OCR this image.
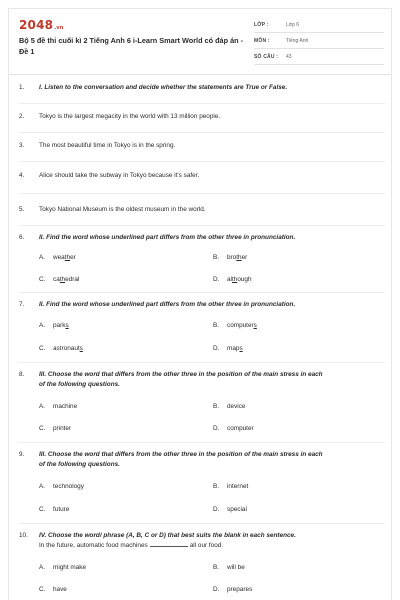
2048.vn
Bộ 5 đề thi cuối kì 2 Tiếng Anh 6 i-Learn Smart World có đáp án - Đề 1
LỚP :	Lớp 6
MÔN :	Tiếng Anh
SỐ CÂU : 43
1.	I. Listen to the conversation and decide whether the statements are True or False.
2.	Tokyo is the largest megacity in the world with 13 million people.
3.	The most beautiful time in Tokyo is in the spring.
4.	Alice should take the subway in Tokyo because it's safer.
5.	Tokyo National Museum is the oldest museum in the world.
6.	II. Find the word whose underlined part differs from the other three in pronunciation.
A. weather	B. brother
C. cathedral	D. although
7.	II. Find the word whose underlined part differs from the other three in pronunciation.
A. parks	B. computers
C. astronauts	D. maps
8.	III. Choose the word that differs from the other three in the position of the main stress in each
of the following questions.
A. machine	B. device
C. printer	D. computer
9.	III. Choose the word that differs from the other three in the position of the main stress in each
of the following questions.
A. technology	B. internet
C. future	D. special
10.	IV. Choose the word/ phrase (A, B, C or D) that best suits the blank in each sentence.
In the future, automatic food machines	all our food.
A. might make	B. will be
C. have	D. prepares
